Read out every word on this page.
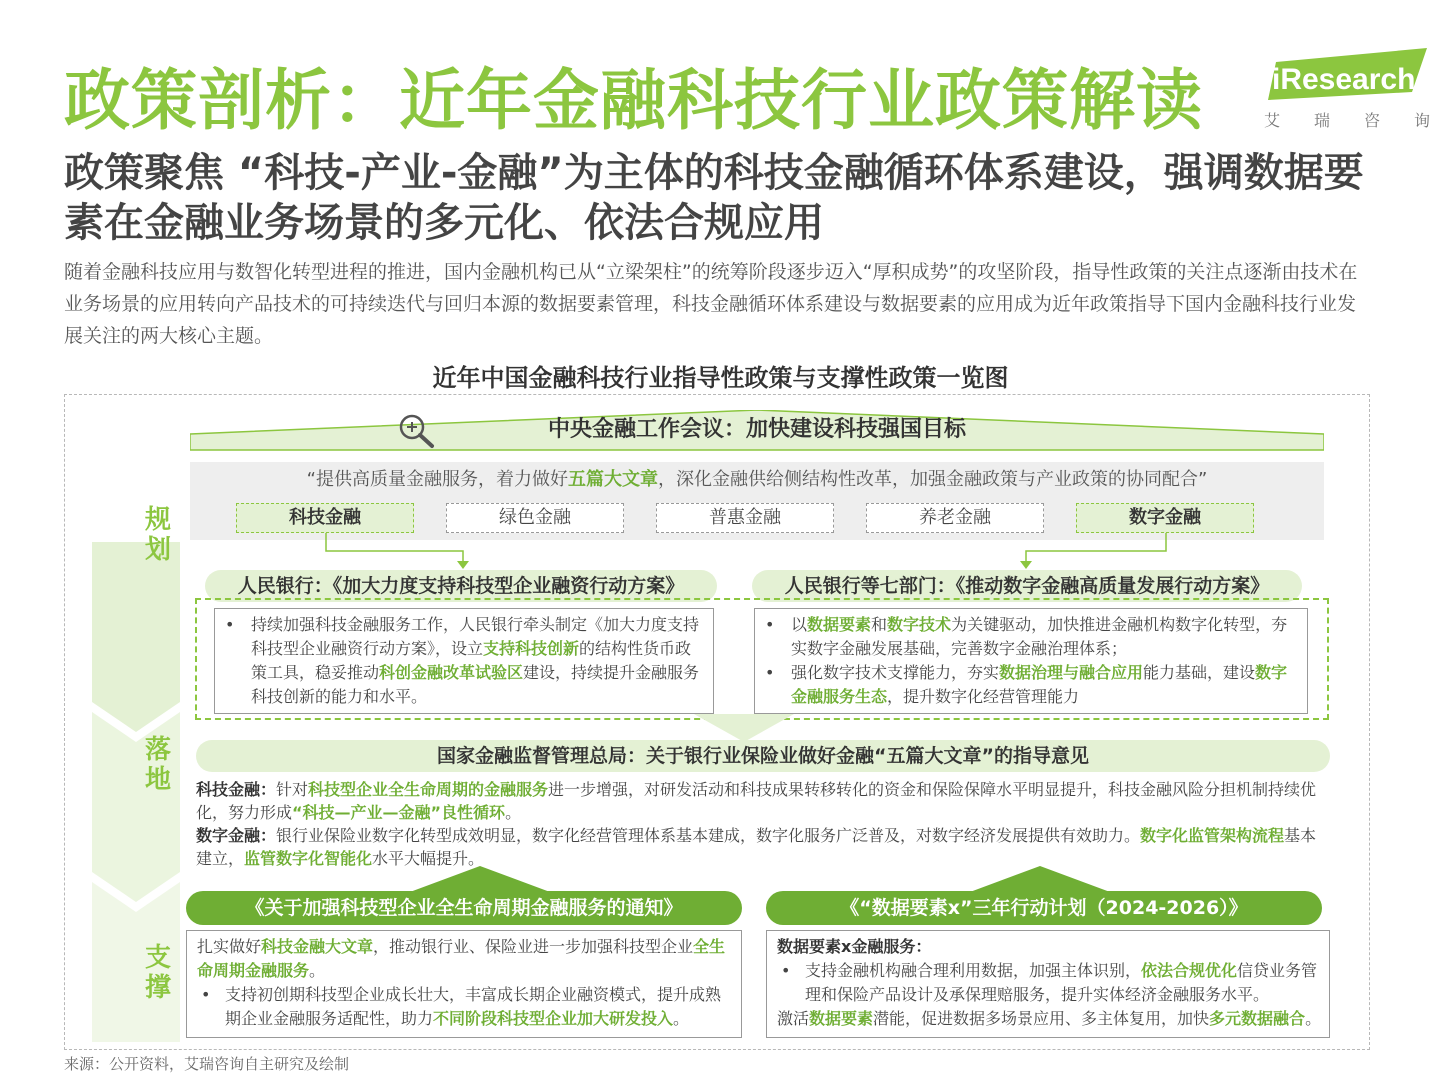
政策剖析：近年金融科技行业政策解读 iResearch
艾 瑞 咨 询
政策聚焦 “科技-产业-金融”为主体的科技金融循环体系建设，强调数据要素在金融业务场景的多元化、依法合规应用
随着金融科技应用与数智化转型进程的推进，国内金融机构已从“立梁架柱”的统筹阶段逐步迈入“厚积成势”的攻坚阶段，指导性政策的关注点逐渐由技术在业务场景的应用转向产品技术的可持续迭代与回归本源的数据要素管理，科技金融循环体系建设与数据要素的应用成为近年政策指导下国内金融科技行业发展关注的两大核心主题。
近年中国金融科技行业指导性政策与支撑性政策一览图
规划
落地
支撑
中央金融工作会议：加快建设科技强国目标
“提供高质量金融服务，着力做好五篇大文章，深化金融供给侧结构性改革，加强金融政策与产业政策的协同配合”
科技金融	绿色金融	普惠金融	养老金融	数字金融
人民银行：《加大力度支持科技型企业融资行动方案》	人民银行等七部门：《推动数字金融高质量发展行动方案》
• 持续加强科技金融服务工作，人民银行牵头制定《加大力度支持科技型企业融资行动方案》，设立支持科技创新的结构性货币政策工具，稳妥推动科创金融改革试验区建设，持续提升金融服务科技创新的能力和水平。
• 以数据要素和数字技术为关键驱动，加快推进金融机构数字化转型，夯实数字金融发展基础，完善数字金融治理体系；
• 强化数字技术支撑能力，夯实数据治理与融合应用能力基础，建设数字金融服务生态，提升数字化经营管理能力
国家金融监督管理总局：关于银行业保险业做好金融“五篇大文章”的指导意见
科技金融：针对科技型企业全生命周期的金融服务进一步增强，对研发活动和科技成果转移转化的资金和保险保障水平明显提升，科技金融风险分担机制持续优化，努力形成“科技—产业—金融”良性循环。
数字金融：银行业保险业数字化转型成效明显，数字化经营管理体系基本建成，数字化服务广泛普及，对数字经济发展提供有效助力。数字化监管架构流程基本建立，监管数字化智能化水平大幅提升。
《关于加强科技型企业全生命周期金融服务的通知》	《“数据要素x”三年行动计划（2024-2026）》
扎实做好科技金融大文章，推动银行业、保险业进一步加强科技型企业全生命周期金融服务。
• 支持初创期科技型企业成长壮大，丰富成长期企业融资模式，提升成熟期企业金融服务适配性，助力不同阶段科技型企业加大研发投入。
数据要素x金融服务：
• 支持金融机构融合理利用数据，加强主体识别，依法合规优化信贷业务管理和保险产品设计及承保理赔服务，提升实体经济金融服务水平。
激活数据要素潜能，促进数据多场景应用、多主体复用，加快多元数据融合。
来源：公开资料，艾瑞咨询自主研究及绘制
